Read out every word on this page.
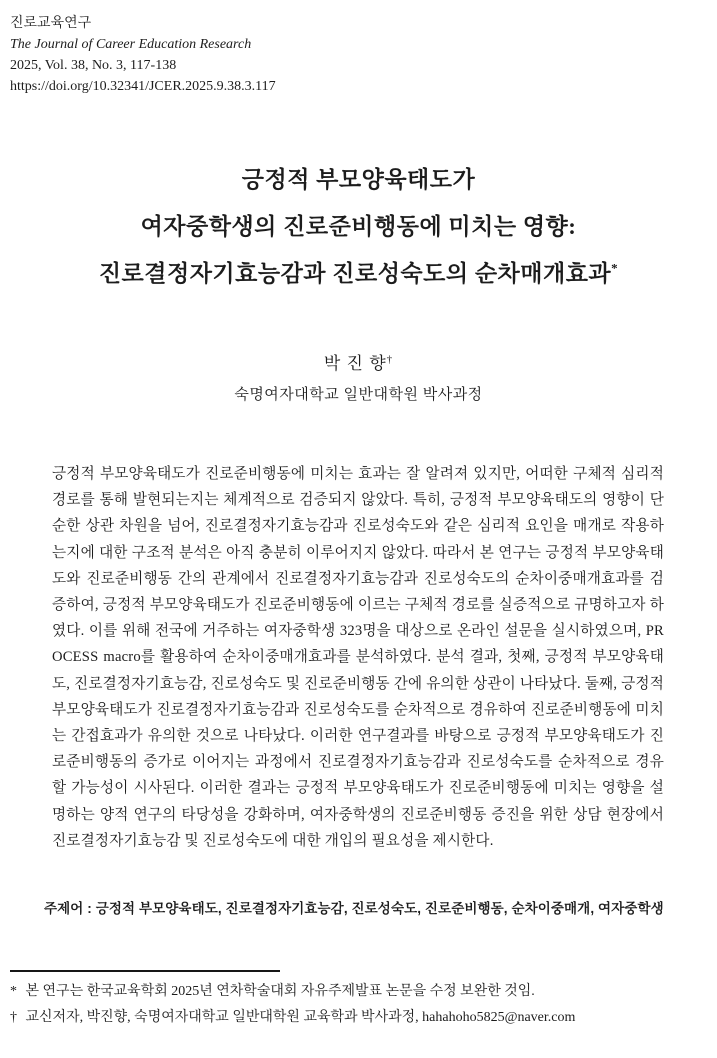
진로교육연구
The Journal of Career Education Research
2025, Vol. 38, No. 3, 117-138
https://doi.org/10.32341/JCER.2025.9.38.3.117
긍정적 부모양육태도가
여자중학생의 진로준비행동에 미치는 영향:
진로결정자기효능감과 진로성숙도의 순차매개효과*
박 진 향†
숙명여자대학교 일반대학원 박사과정
긍정적 부모양육태도가 진로준비행동에 미치는 효과는 잘 알려져 있지만, 어떠한 구체적 심리적 경로를 통해 발현되는지는 체계적으로 검증되지 않았다. 특히, 긍정적 부모양육태도의 영향이 단순한 상관 차원을 넘어, 진로결정자기효능감과 진로성숙도와 같은 심리적 요인을 매개로 작용하는지에 대한 구조적 분석은 아직 충분히 이루어지지 않았다. 따라서 본 연구는 긍정적 부모양육태도와 진로준비행동 간의 관계에서 진로결정자기효능감과 진로성숙도의 순차이중매개효과를 검증하여, 긍정적 부모양육태도가 진로준비행동에 이르는 구체적 경로를 실증적으로 규명하고자 하였다. 이를 위해 전국에 거주하는 여자중학생 323명을 대상으로 온라인 설문을 실시하였으며, PROCESS macro를 활용하여 순차이중매개효과를 분석하였다. 분석 결과, 첫째, 긍정적 부모양육태도, 진로결정자기효능감, 진로성숙도 및 진로준비행동 간에 유의한 상관이 나타났다. 둘째, 긍정적 부모양육태도가 진로결정자기효능감과 진로성숙도를 순차적으로 경유하여 진로준비행동에 미치는 간접효과가 유의한 것으로 나타났다. 이러한 연구결과를 바탕으로 긍정적 부모양육태도가 진로준비행동의 증가로 이어지는 과정에서 진로결정자기효능감과 진로성숙도를 순차적으로 경유할 가능성이 시사된다. 이러한 결과는 긍정적 부모양육태도가 진로준비행동에 미치는 영향을 설명하는 양적 연구의 타당성을 강화하며, 여자중학생의 진로준비행동 증진을 위한 상담 현장에서 진로결정자기효능감 및 진로성숙도에 대한 개입의 필요성을 제시한다.
주제어 : 긍정적 부모양육태도, 진로결정자기효능감, 진로성숙도, 진로준비행동, 순차이중매개, 여자중학생
* 본 연구는 한국교육학회 2025년 연차학술대회 자유주제발표 논문을 수정 보완한 것임.
† 교신저자, 박진향, 숙명여자대학교 일반대학원 교육학과 박사과정, hahahoho5825@naver.com
